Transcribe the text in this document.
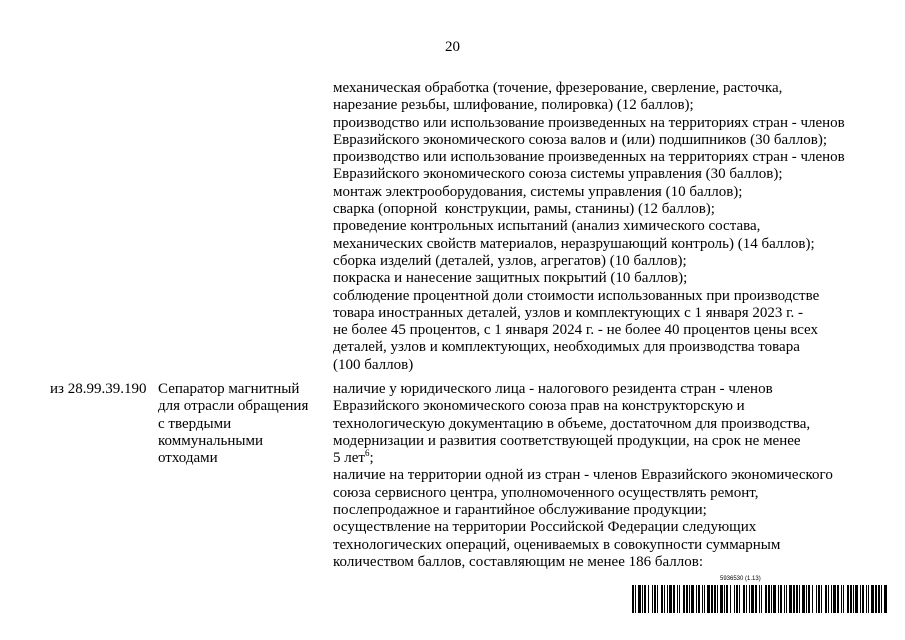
20
механическая обработка (точение, фрезерование, сверление, расточка,
нарезание резьбы, шлифование, полировка) (12 баллов);
производство или использование произведенных на территориях стран - членов
Евразийского экономического союза валов и (или) подшипников (30 баллов);
производство или использование произведенных на территориях стран - членов
Евразийского экономического союза системы управления (30 баллов);
монтаж электрооборудования, системы управления (10 баллов);
сварка (опорной  конструкции, рамы, станины) (12 баллов);
проведение контрольных испытаний (анализ химического состава,
механических свойств материалов, неразрушающий контроль) (14 баллов);
сборка изделий (деталей, узлов, агрегатов) (10 баллов);
покраска и нанесение защитных покрытий (10 баллов);
соблюдение процентной доли стоимости использованных при производстве
товара иностранных деталей, узлов и комплектующих с 1 января 2023 г. -
не более 45 процентов, с 1 января 2024 г. - не более 40 процентов цены всех
деталей, узлов и комплектующих, необходимых для производства товара
(100 баллов)
из 28.99.39.190 Сепаратор магнитный
для отрасли обращения
с твердыми
коммунальными
отходами
наличие у юридического лица - налогового резидента стран - членов
Евразийского экономического союза прав на конструкторскую и
технологическую документацию в объеме, достаточном для производства,
модернизации и развития соответствующей продукции, на срок не менее
5 лет$^6$;
наличие на территории одной из стран - членов Евразийского экономического
союза сервисного центра, уполномоченного осуществлять ремонт,
послепродажное и гарантийное обслуживание продукции;
осуществление на территории Российской Федерации следующих
технологических операций, оцениваемых в совокупности суммарным
количеством баллов, составляющим не менее 186 баллов:
5936530 (1.13)
